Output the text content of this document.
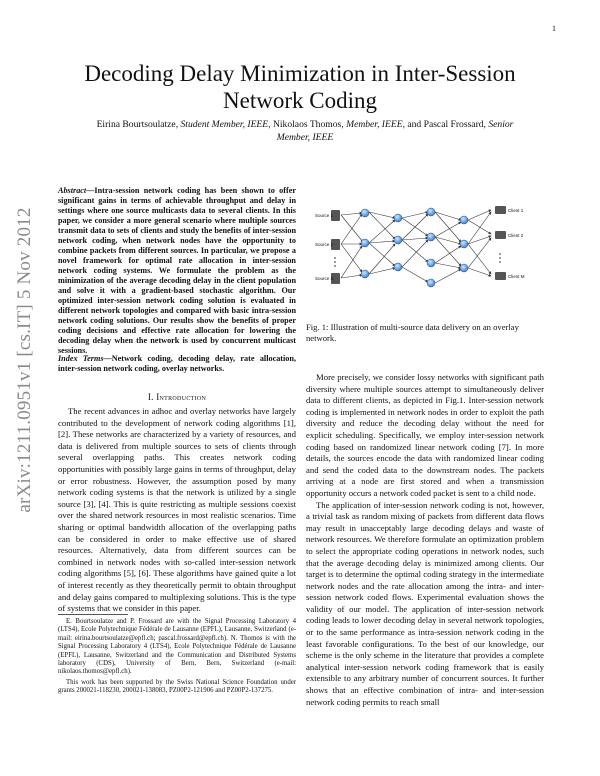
1
arXiv:1211.0951v1 [cs.IT] 5 Nov 2012
Decoding Delay Minimization in Inter-Session Network Coding
Eirina Bourtsoulatze, Student Member, IEEE, Nikolaos Thomos, Member, IEEE, and Pascal Frossard, Senior Member, IEEE
Abstract—Intra-session network coding has been shown to offer significant gains in terms of achievable throughput and delay in settings where one source multicasts data to several clients. In this paper, we consider a more general scenario where multiple sources transmit data to sets of clients and study the benefits of inter-session network coding, when network nodes have the opportunity to combine packets from different sources. In particular, we propose a novel framework for optimal rate allocation in inter-session network coding systems. We formulate the problem as the minimization of the average decoding delay in the client population and solve it with a gradient-based stochastic algorithm. Our optimized inter-session network coding solution is evaluated in different network topologies and compared with basic intra-session network coding solutions. Our results show the benefits of proper coding decisions and effective rate allocation for lowering the decoding delay when the network is used by concurrent multicast sessions.
Index Terms—Network coding, decoding delay, rate allocation, inter-session network coding, overlay networks.
I. Introduction

The recent advances in adhoc and overlay networks have largely contributed to the development of network coding algorithms [1], [2]. These networks are characterized by a variety of resources, and data is delivered from multiple sources to sets of clients through several overlapping paths. This creates network coding opportunities with possibly large gains in terms of throughput, delay or error robustness. However, the assumption posed by many network coding systems is that the network is utilized by a single source [3], [4]. This is quite restricting as multiple sessions coexist over the shared network resources in most realistic scenarios. Time sharing or optimal bandwidth allocation of the overlapping paths can be considered in order to make effective use of shared resources. Alternatively, data from different sources can be combined in network nodes with so-called inter-session network coding algorithms [5], [6]. These algorithms have gained quite a lot of interest recently as they theoretically permit to obtain throughput and delay gains compared to multiplexing solutions. This is the type of systems that we consider in this paper.

E. Bourtsoulatze and P. Frossard are with the Signal Processing Laboratory 4 (LTS4), Ecole Polytechnique Fédérale de Lausanne (EPFL), Lausanne, Switzerland (e-mail: eirina.bourtsoulatze@epfl.ch; pascal.frossard@epfl.ch). N. Thomos is with the Signal Processing Laboratory 4 (LTS4), Ecole Polytechnique Fédérale de Lausanne (EPFL), Lausanne, Switzerland and the Communication and Distributed Systems laboratory (CDS), University of Bern, Bern, Switzerland (e-mail: nikolaos.thomos@epfl.ch).

This work has been supported by the Swiss National Science Foundation under grants 200021-118230, 200021-138083, PZ00P2-121906 and PZ00P2-137275.

Source 1
Source 2
Source S
Client 1
Client 2
Client M
Fig. 1: Illustration of multi-source data delivery on an overlay network.

More precisely, we consider lossy networks with significant path diversity where multiple sources attempt to simultaneously deliver data to different clients, as depicted in Fig.1. Inter-session network coding is implemented in network nodes in order to exploit the path diversity and reduce the decoding delay without the need for explicit scheduling. Specifically, we employ inter-session network coding based on randomized linear network coding [7]. In more details, the sources encode the data with randomized linear coding and send the coded data to the downstream nodes. The packets arriving at a node are first stored and when a transmission opportunity occurs a network coded packet is sent to a child node.

The application of inter-session network coding is not, however, a trivial task as random mixing of packets from different data flows may result in unacceptably large decoding delays and waste of network resources. We therefore formulate an optimization problem to select the appropriate coding operations in network nodes, such that the average decoding delay is minimized among clients. Our target is to determine the optimal coding strategy in the intermediate network nodes and the rate allocation among the intra- and inter-session network coded flows. Experimental evaluation shows the validity of our model. The application of inter-session network coding leads to lower decoding delay in several network topologies, or to the same performance as intra-session network coding in the least favorable configurations. To the best of our knowledge, our scheme is the only scheme in the literature that provides a complete analytical inter-session network coding framework that is easily extensible to any arbitrary number of concurrent sources. It further shows that an effective combination of intra- and inter-session network coding permits to reach small
